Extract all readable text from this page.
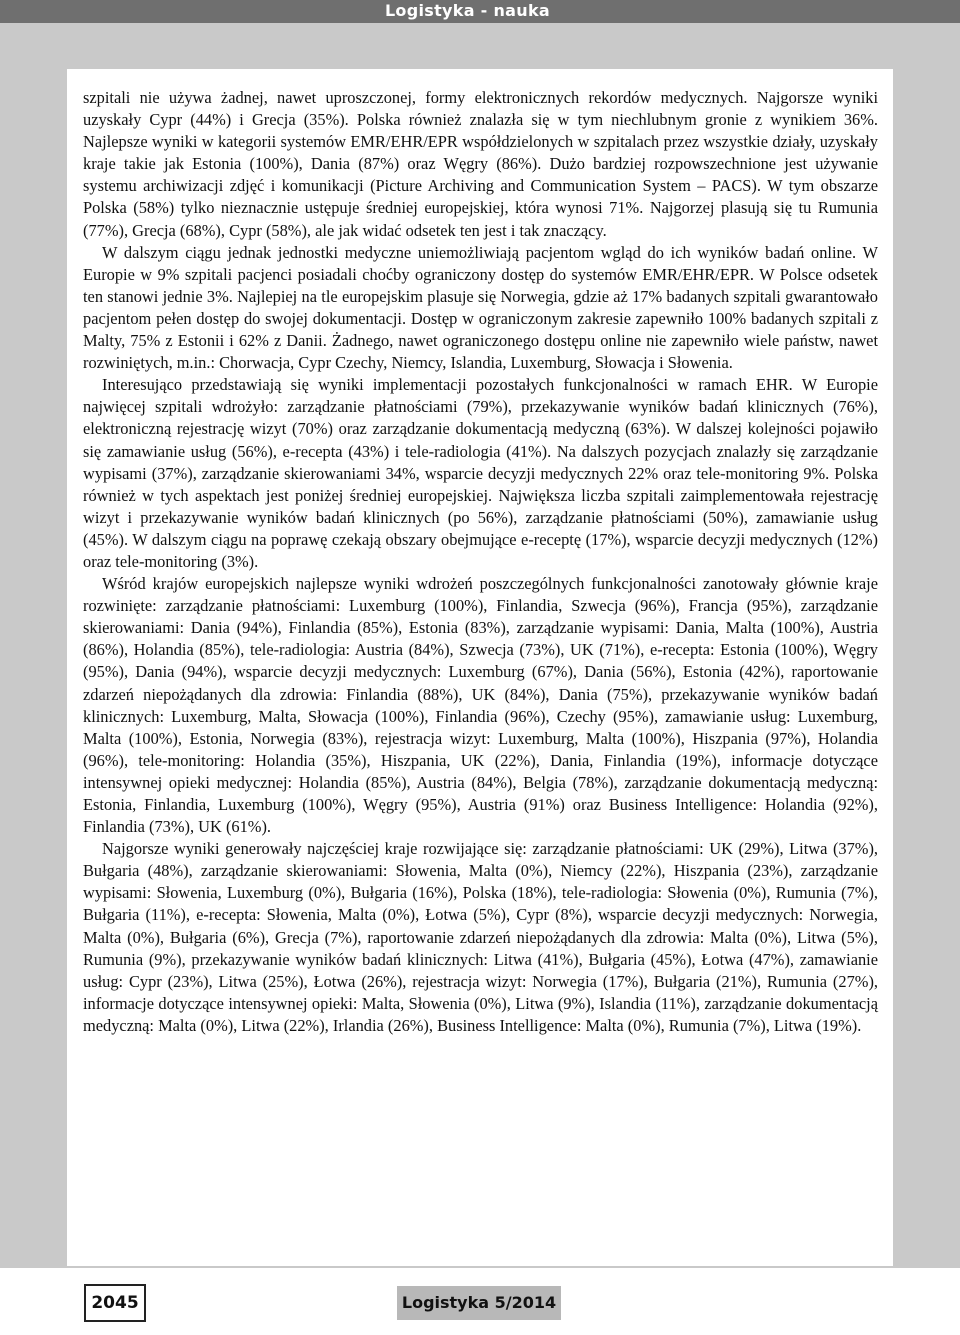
Logistyka - nauka

szpitali nie używa żadnej, nawet uproszczonej, formy elektronicznych rekordów medycznych. Najgorsze wyniki uzyskały Cypr (44%) i Grecja (35%). Polska również znalazła się w tym niechlubnym gronie z wynikiem 36%. Najlepsze wyniki w kategorii systemów EMR/EHR/EPR współdzielonych w szpitalach przez wszystkie działy, uzyskały kraje takie jak Estonia (100%), Dania (87%) oraz Węgry (86%). Dużo bardziej rozpowszechnione jest używanie systemu archiwizacji zdjęć i komunikacji (Picture Archiving and Communication System – PACS). W tym obszarze Polska (58%) tylko nieznacznie ustępuje średniej europejskiej, która wynosi 71%. Najgorzej plasują się tu Rumunia (77%), Grecja (68%), Cypr (58%), ale jak widać odsetek ten jest i tak znaczący.

W dalszym ciągu jednak jednostki medyczne uniemożliwiają pacjentom wgląd do ich wyników badań online. W Europie w 9% szpitali pacjenci posiadali choćby ograniczony dostęp do systemów EMR/EHR/EPR. W Polsce odsetek ten stanowi jednie 3%. Najlepiej na tle europejskim plasuje się Norwegia, gdzie aż 17% badanych szpitali gwarantowało pacjentom pełen dostęp do swojej dokumentacji. Dostęp w ograniczonym zakresie zapewniło 100% badanych szpitali z Malty, 75% z Estonii i 62% z Danii. Żadnego, nawet ograniczonego dostępu online nie zapewniło wiele państw, nawet rozwiniętych, m.in.: Chorwacja, Cypr Czechy, Niemcy, Islandia, Luxemburg, Słowacja i Słowenia.

Interesująco przedstawiają się wyniki implementacji pozostałych funkcjonalności w ramach EHR. W Europie najwięcej szpitali wdrożyło: zarządzanie płatnościami (79%), przekazywanie wyników badań klinicznych (76%), elektroniczną rejestrację wizyt (70%) oraz zarządzanie dokumentacją medyczną (63%). W dalszej kolejności pojawiło się zamawianie usług (56%), e-recepta (43%) i tele-radiologia (41%). Na dalszych pozycjach znalazły się zarządzanie wypisami (37%), zarządzanie skierowaniami 34%, wsparcie decyzji medycznych 22% oraz tele-monitoring 9%. Polska również w tych aspektach jest poniżej średniej europejskiej. Największa liczba szpitali zaimplementowała rejestrację wizyt i przekazywanie wyników badań klinicznych (po 56%), zarządzanie płatnościami (50%), zamawianie usług (45%). W dalszym ciągu na poprawę czekają obszary obejmujące e-receptę (17%), wsparcie decyzji medycznych (12%) oraz tele-monitoring (3%).

Wśród krajów europejskich najlepsze wyniki wdrożeń poszczególnych funkcjonalności zanotowały głównie kraje rozwinięte: zarządzanie płatnościami: Luxemburg (100%), Finlandia, Szwecja (96%), Francja (95%), zarządzanie skierowaniami: Dania (94%), Finlandia (85%), Estonia (83%), zarządzanie wypisami: Dania, Malta (100%), Austria (86%), Holandia (85%), tele-radiologia: Austria (84%), Szwecja (73%), UK (71%), e-recepta: Estonia (100%), Węgry (95%), Dania (94%), wsparcie decyzji medycznych: Luxemburg (67%), Dania (56%), Estonia (42%), raportowanie zdarzeń niepożądanych dla zdrowia: Finlandia (88%), UK (84%), Dania (75%), przekazywanie wyników badań klinicznych: Luxemburg, Malta, Słowacja (100%), Finlandia (96%), Czechy (95%), zamawianie usług: Luxemburg, Malta (100%), Estonia, Norwegia (83%), rejestracja wizyt: Luxemburg, Malta (100%), Hiszpania (97%), Holandia (96%), tele-monitoring: Holandia (35%), Hiszpania, UK (22%), Dania, Finlandia (19%), informacje dotyczące intensywnej opieki medycznej: Holandia (85%), Austria (84%), Belgia (78%), zarządzanie dokumentacją medyczną: Estonia, Finlandia, Luxemburg (100%), Węgry (95%), Austria (91%) oraz Business Intelligence: Holandia (92%), Finlandia (73%), UK (61%).

Najgorsze wyniki generowały najczęściej kraje rozwijające się: zarządzanie płatnościami: UK (29%), Litwa (37%), Bułgaria (48%), zarządzanie skierowaniami: Słowenia, Malta (0%), Niemcy (22%), Hiszpania (23%), zarządzanie wypisami: Słowenia, Luxemburg (0%), Bułgaria (16%), Polska (18%), tele-radiologia: Słowenia (0%), Rumunia (7%), Bułgaria (11%), e-recepta: Słowenia, Malta (0%), Łotwa (5%), Cypr (8%), wsparcie decyzji medycznych: Norwegia, Malta (0%), Bułgaria (6%), Grecja (7%), raportowanie zdarzeń niepożądanych dla zdrowia: Malta (0%), Litwa (5%), Rumunia (9%), przekazywanie wyników badań klinicznych: Litwa (41%), Bułgaria (45%), Łotwa (47%), zamawianie usług: Cypr (23%), Litwa (25%), Łotwa (26%), rejestracja wizyt: Norwegia (17%), Bułgaria (21%), Rumunia (27%), informacje dotyczące intensywnej opieki: Malta, Słowenia (0%), Litwa (9%), Islandia (11%), zarządzanie dokumentacją medyczną: Malta (0%), Litwa (22%), Irlandia (26%), Business Intelligence: Malta (0%), Rumunia (7%), Litwa (19%).

2045	Logistyka 5/2014
